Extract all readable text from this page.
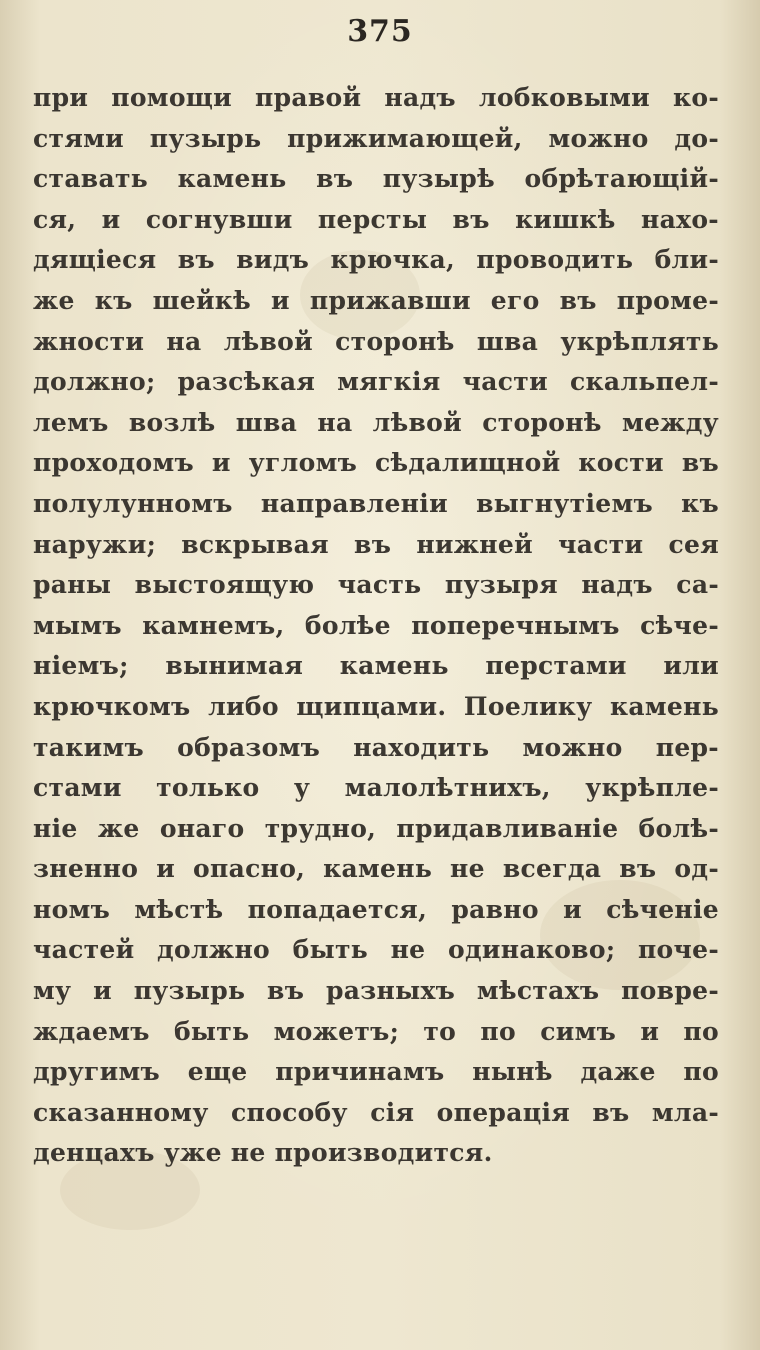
375
при помощи правой надъ лобковыми ко-
стями пузырь прижимающей, можно до-
ставать камень въ пузырѣ обрѣтающій-
ся, и согнувши персты въ кишкѣ нахо-
дящіеся въ видъ крючка, проводить бли-
же къ шейкѣ и прижавши его въ проме-
жности на лѣвой сторонѣ шва укрѣплять
должно; разсѣкая мягкія части скальпел-
лемъ возлѣ шва на лѣвой сторонѣ между
проходомъ и угломъ сѣдалищной кости въ
полулунномъ направленіи выгнутіемъ къ
наружи; вскрывая въ нижней части сея
раны выстоящую часть пузыря надъ са-
мымъ камнемъ, болѣе поперечнымъ сѣче-
ніемъ; вынимая камень перстами или
крючкомъ либо щипцами. Поелику камень
такимъ образомъ находить можно пер-
стами только у малолѣтнихъ, укрѣпле-
ніе же онаго трудно, придавливаніе болѣ-
зненно и опасно, камень не всегда въ од-
номъ мѣстѣ попадается, равно и сѣченіе
частей должно быть не одинаково; поче-
му и пузырь въ разныхъ мѣстахъ повре-
ждаемъ быть можетъ; то по симъ и по
другимъ еще причинамъ нынѣ даже по
сказанному способу сія операція въ мла-
денцахъ уже не производится.
